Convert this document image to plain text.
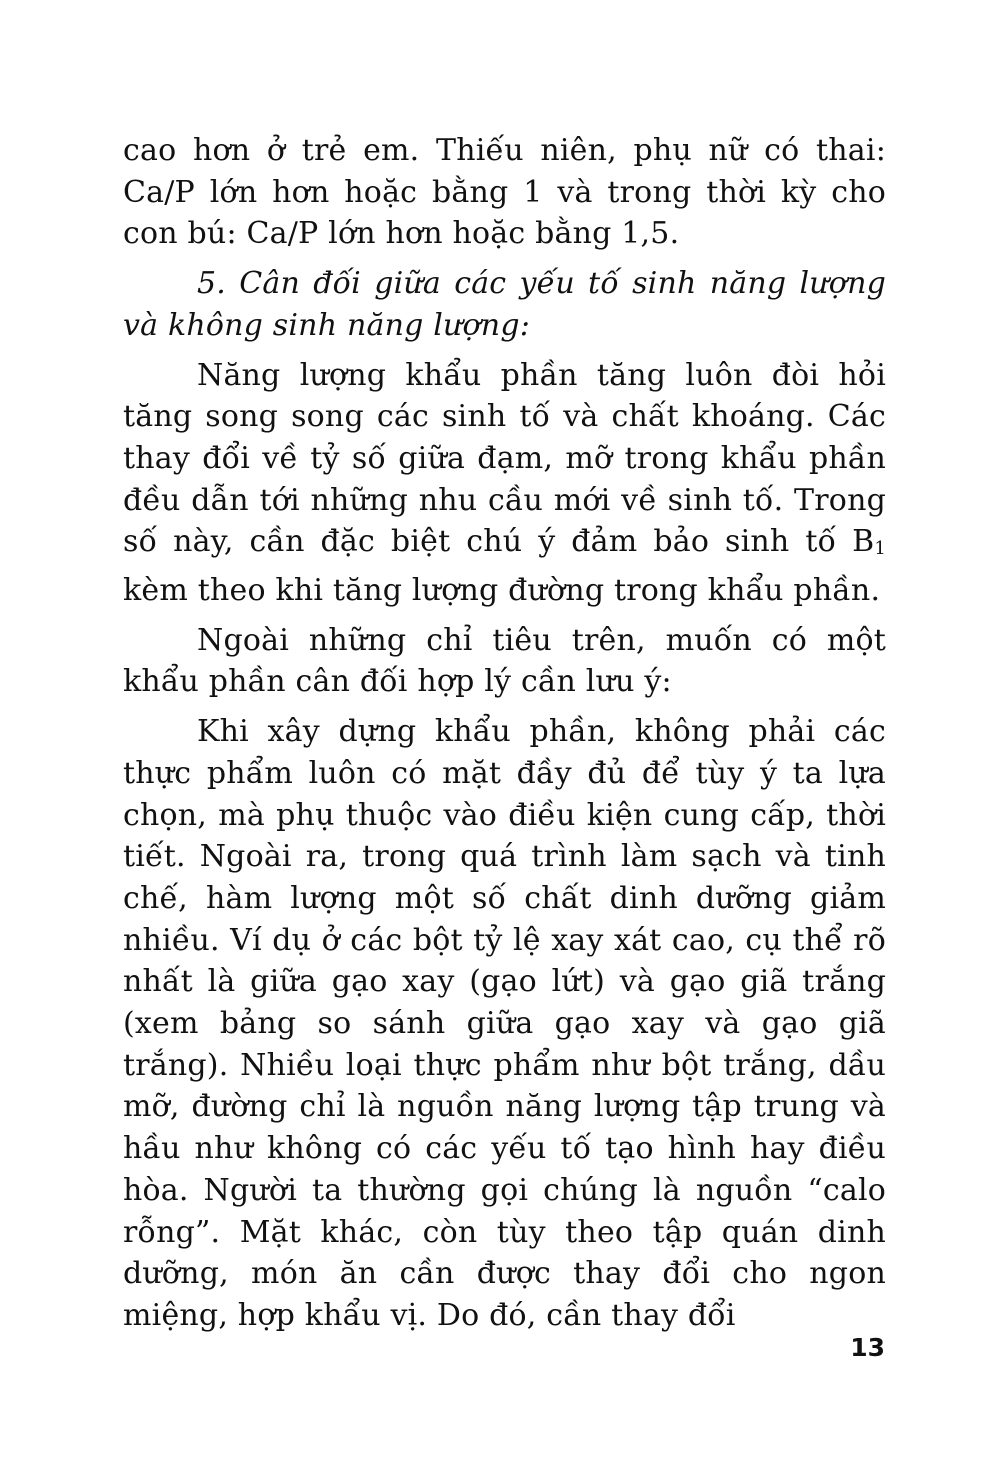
cao hơn ở trẻ em. Thiếu niên, phụ nữ có thai: Ca/P lớn hơn hoặc bằng 1 và trong thời kỳ cho con bú: Ca/P lớn hơn hoặc bằng 1,5.

5. Cân đối giữa các yếu tố sinh năng lượng và không sinh năng lượng:

Năng lượng khẩu phần tăng luôn đòi hỏi tăng song song các sinh tố và chất khoáng. Các thay đổi về tỷ số giữa đạm, mỡ trong khẩu phần đều dẫn tới những nhu cầu mới về sinh tố. Trong số này, cần đặc biệt chú ý đảm bảo sinh tố B1 kèm theo khi tăng lượng đường trong khẩu phần.

Ngoài những chỉ tiêu trên, muốn có một khẩu phần cân đối hợp lý cần lưu ý:

Khi xây dựng khẩu phần, không phải các thực phẩm luôn có mặt đầy đủ để tùy ý ta lựa chọn, mà phụ thuộc vào điều kiện cung cấp, thời tiết. Ngoài ra, trong quá trình làm sạch và tinh chế, hàm lượng một số chất dinh dưỡng giảm nhiều. Ví dụ ở các bột tỷ lệ xay xát cao, cụ thể rõ nhất là giữa gạo xay (gạo lứt) và gạo giã trắng (xem bảng so sánh giữa gạo xay và gạo giã trắng). Nhiều loại thực phẩm như bột trắng, dầu mỡ, đường chỉ là nguồn năng lượng tập trung và hầu như không có các yếu tố tạo hình hay điều hòa. Người ta thường gọi chúng là nguồn “calo rỗng”. Mặt khác, còn tùy theo tập quán dinh dưỡng, món ăn cần được thay đổi cho ngon miệng, hợp khẩu vị. Do đó, cần thay đổi

13
